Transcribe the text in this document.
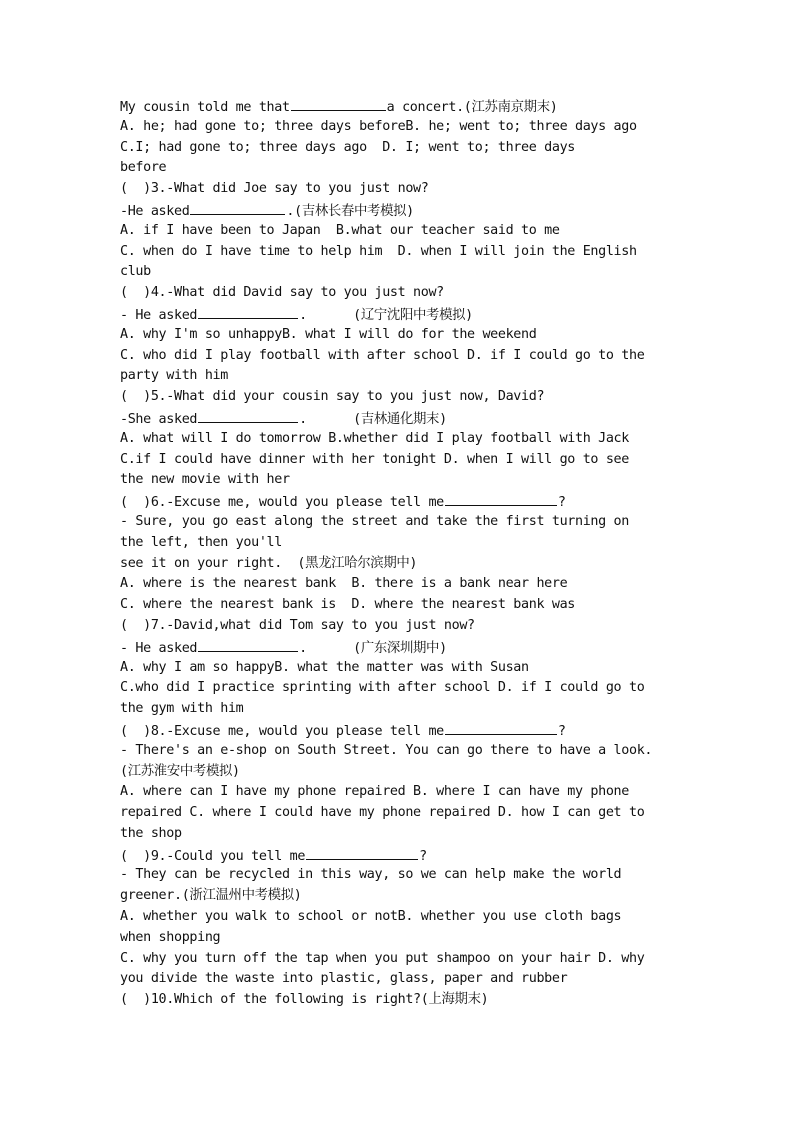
My cousin told me that	a concert.(江苏南京期末)
A. he; had gone to; three days beforeB. he; went to; three days ago
C.I; had gone to; three days ago  D. I; went to; three days
before
(  )3.-What did Joe say to you just now?
-He asked	.(吉林长春中考模拟)
A. if I have been to Japan  B.what our teacher said to me
C. when do I have time to help him  D. when I will join the English
club
(  )4.-What did David say to you just now?
- He asked	.      (辽宁沈阳中考模拟)
A. why I'm so unhappyB. what I will do for the weekend
C. who did I play football with after school D. if I could go to the
party with him
(  )5.-What did your cousin say to you just now, David?
-She asked	.      (吉林通化期末)
A. what will I do tomorrow B.whether did I play football with Jack
C.if I could have dinner with her tonight D. when I will go to see
the new movie with her
(  )6.-Excuse me, would you please tell me	?
- Sure, you go east along the street and take the first turning on
the left, then you'll
see it on your right.  (黑龙江哈尔滨期中)
A. where is the nearest bank  B. there is a bank near here
C. where the nearest bank is  D. where the nearest bank was
(  )7.-David,what did Tom say to you just now?
- He asked	.      (广东深圳期中)
A. why I am so happyB. what the matter was with Susan
C.who did I practice sprinting with after school D. if I could go to
the gym with him
(  )8.-Excuse me, would you please tell me	?
- There's an e-shop on South Street. You can go there to have a look.
(江苏淮安中考模拟)
A. where can I have my phone repaired B. where I can have my phone
repaired C. where I could have my phone repaired D. how I can get to
the shop
(  )9.-Could you tell me	?
- They can be recycled in this way, so we can help make the world
greener.(浙江温州中考模拟)
A. whether you walk to school or notB. whether you use cloth bags
when shopping
C. why you turn off the tap when you put shampoo on your hair D. why
you divide the waste into plastic, glass, paper and rubber
(  )10.Which of the following is right?(上海期末)
